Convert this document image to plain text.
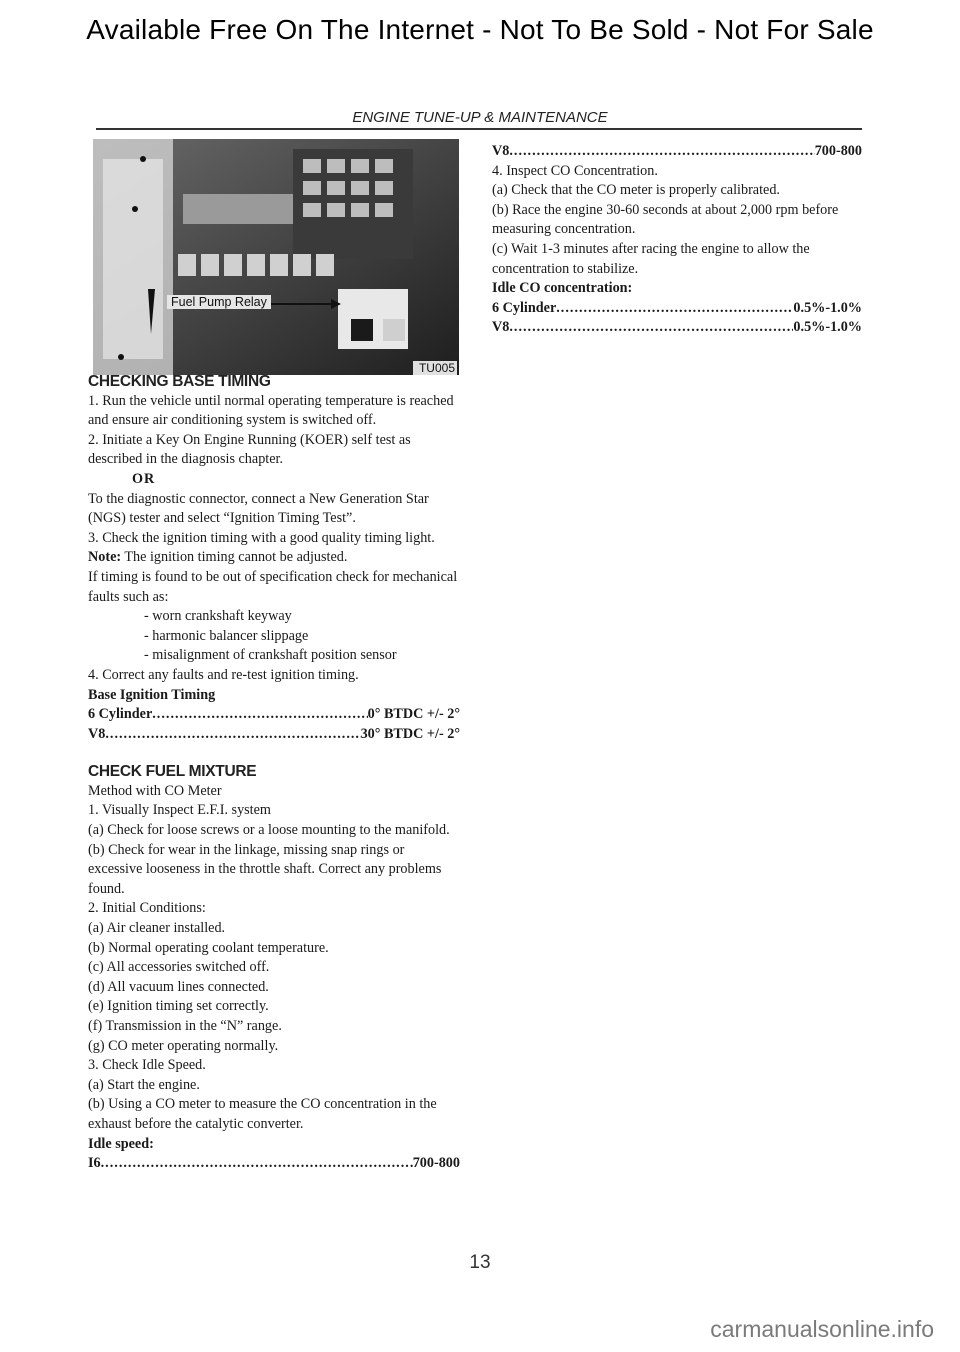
Available Free On The Internet - Not To Be Sold - Not For Sale
ENGINE TUNE-UP & MAINTENANCE
Fuel Pump Relay
TU005

CHECKING BASE TIMING

1. Run the vehicle until normal operating temperature is reached and ensure air conditioning system is switched off.

2. Initiate a Key On Engine Running (KOER) self test as described in the diagnosis chapter.

OR

To the diagnostic connector, connect a New Generation Star (NGS) tester and select “Ignition Timing Test”.

3. Check the ignition timing with a good quality timing light.

Note: The ignition timing cannot be adjusted.

If timing is found to be out of specification check for mechanical faults such as:

- worn crankshaft keyway

- harmonic balancer slippage

- misalignment of crankshaft position sensor

4. Correct any faults and re-test ignition timing.

Base Ignition Timing

6 Cylinder .....	0° BTDC +/- 2°
V8 .....	30° BTDC +/- 2°

CHECK FUEL MIXTURE

Method with CO Meter

1. Visually Inspect E.F.I. system

(a) Check for loose screws or a loose mounting to the manifold.

(b) Check for wear in the linkage, missing snap rings or excessive looseness in the throttle shaft. Correct any problems found.

2. Initial Conditions:

(a) Air cleaner installed.

(b) Normal operating coolant temperature.

(c) All accessories switched off.

(d) All vacuum lines connected.

(e) Ignition timing set correctly.

(f) Transmission in the “N” range.

(g) CO meter operating normally.

3. Check Idle Speed.

(a) Start the engine.

(b) Using a CO meter to measure the CO concentration in the exhaust before the catalytic converter.

Idle speed:

I6 .....	700-800
V8 .....	700-800

4. Inspect CO Concentration.

(a) Check that the CO meter is properly calibrated.

(b) Race the engine 30-60 seconds at about 2,000 rpm before measuring concentration.

(c) Wait 1-3 minutes after racing the engine to allow the concentration to stabilize.

Idle CO concentration:

6 Cylinder .....	0.5%-1.0%
V8 .....	0.5%-1.0%
13
carmanualsonline.info
